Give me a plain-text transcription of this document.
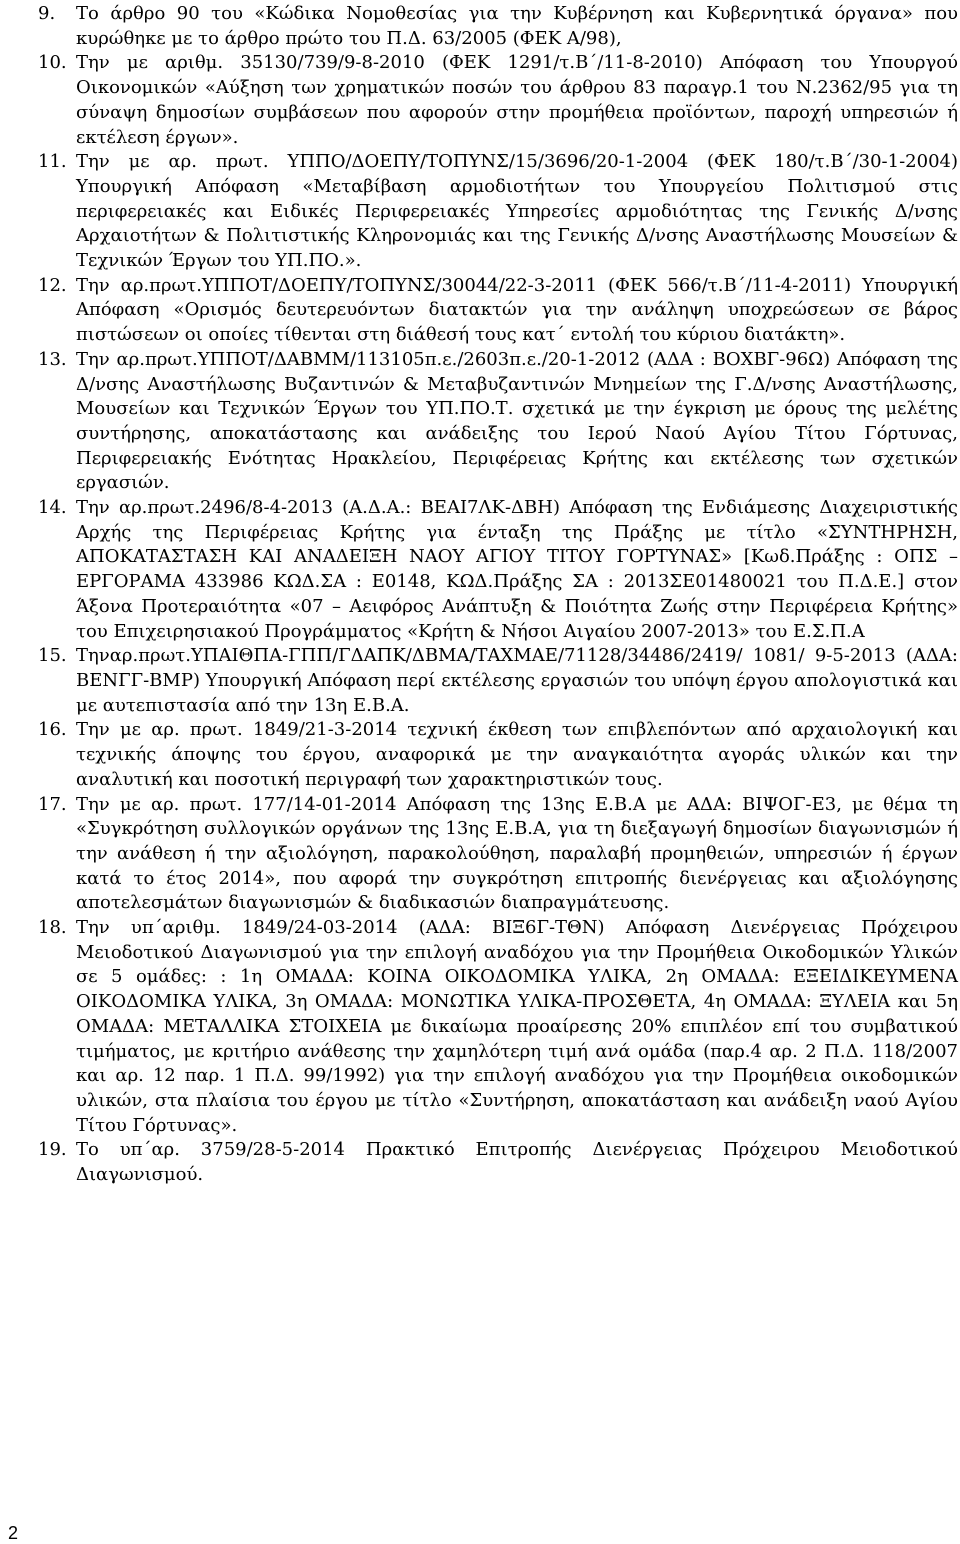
9.	Το άρθρο 90 του «Κώδικα Νομοθεσίας για την Κυβέρνηση και Κυβερνητικά όργανα» που κυρώθηκε με το άρθρο πρώτο του Π.Δ. 63/2005 (ΦΕΚ Α/98),
10. Την με αριθμ. 35130/739/9-8-2010 (ΦΕΚ 1291/τ.Β΄/11-8-2010) Απόφαση του Υπουργού Οικονομικών «Αύξηση των χρηματικών ποσών του άρθρου 83 παραγρ.1 του Ν.2362/95 για τη σύναψη δημοσίων συμβάσεων που αφορούν στην προμήθεια προϊόντων, παροχή υπηρεσιών ή εκτέλεση έργων».
11. Την με αρ. πρωτ. ΥΠΠΟ/ΔΟΕΠΥ/ΤΟΠΥΝΣ/15/3696/20-1-2004 (ΦΕΚ 180/τ.Β΄/30-1-2004) Υπουργική Απόφαση «Μεταβίβαση αρμοδιοτήτων του Υπουργείου Πολιτισμού στις περιφερειακές και Ειδικές Περιφερειακές Υπηρεσίες αρμοδιότητας της Γενικής Δ/νσης Αρχαιοτήτων & Πολιτιστικής Κληρονομιάς και της Γενικής Δ/νσης Αναστήλωσης Μουσείων & Τεχνικών Έργων του ΥΠ.ΠΟ.».
12. Την αρ.πρωτ.ΥΠΠΟΤ/ΔΟΕΠΥ/ΤΟΠΥΝΣ/30044/22-3-2011 (ΦΕΚ 566/τ.Β΄/11-4-2011) Υπουργική Απόφαση «Ορισμός δευτερευόντων διατακτών για την ανάληψη υποχρεώσεων σε βάρος πιστώσεων οι οποίες τίθενται στη διάθεσή τους κατ΄ εντολή του κύριου διατάκτη».
13. Την αρ.πρωτ.ΥΠΠΟΤ/ΔΑΒΜΜ/113105π.ε./2603π.ε./20-1-2012 (ΑΔΑ : ΒΟΧΒΓ-96Ω) Απόφαση της Δ/νσης Αναστήλωσης Βυζαντινών & Μεταβυζαντινών Μνημείων της Γ.Δ/νσης Αναστήλωσης, Μουσείων και Τεχνικών Έργων του ΥΠ.ΠΟ.Τ. σχετικά με την έγκριση με όρους της μελέτης συντήρησης, αποκατάστασης και ανάδειξης του Ιερού Ναού Αγίου Τίτου Γόρτυνας, Περιφερειακής Ενότητας Ηρακλείου, Περιφέρειας Κρήτης και εκτέλεσης των σχετικών εργασιών.
14. Την αρ.πρωτ.2496/8-4-2013 (Α.Δ.Α.: ΒΕΑΙ7ΛΚ-ΔΒΗ) Απόφαση της Ενδιάμεσης Διαχειριστικής Αρχής της Περιφέρειας Κρήτης για ένταξη της Πράξης με τίτλο «ΣΥΝΤΗΡΗΣΗ, ΑΠΟΚΑΤΑΣΤΑΣΗ ΚΑΙ ΑΝΑΔΕΙΞΗ ΝΑΟΥ ΑΓΙΟΥ ΤΙΤΟΥ ΓΟΡΤΥΝΑΣ» [Κωδ.Πράξης : ΟΠΣ – ΕΡΓΟΡΑΜΑ 433986 ΚΩΔ.ΣΑ : Ε0148, ΚΩΔ.Πράξης ΣΑ : 2013ΣΕ01480021 του Π.Δ.Ε.] στον Άξονα Προτεραιότητα «07 – Αειφόρος Ανάπτυξη & Ποιότητα Ζωής στην Περιφέρεια Κρήτης» του Επιχειρησιακού Προγράμματος «Κρήτη & Νήσοι Αιγαίου 2007-2013» του Ε.Σ.Π.Α
15. Τηναρ.πρωτ.ΥΠΑΙΘΠΑ-ΓΠΠ/ΓΔΑΠΚ/ΔΒΜΑ/ΤΑΧΜΑΕ/71128/34486/2419/ 1081/ 9-5-2013 (ΑΔΑ: ΒΕΝΓΓ-ΒΜΡ) Υπουργική Απόφαση περί εκτέλεσης εργασιών του υπόψη έργου απολογιστικά και με αυτεπιστασία από την 13η Ε.Β.Α.
16. Την με αρ. πρωτ. 1849/21-3-2014 τεχνική έκθεση των επιβλεπόντων από αρχαιολογική και τεχνικής άποψης του έργου, αναφορικά με την αναγκαιότητα αγοράς υλικών και την αναλυτική και ποσοτική περιγραφή των χαρακτηριστικών τους.
17. Την με αρ. πρωτ. 177/14-01-2014 Απόφαση της 13ης Ε.Β.Α με ΑΔΑ: ΒΙΨΟΓ-Ε3, με θέμα τη «Συγκρότηση συλλογικών οργάνων της 13ης Ε.Β.Α, για τη διεξαγωγή δημοσίων διαγωνισμών ή την ανάθεση ή την αξιολόγηση, παρακολούθηση, παραλαβή προμηθειών, υπηρεσιών ή έργων κατά το έτος 2014», που αφορά την συγκρότηση επιτροπής διενέργειας και αξιολόγησης αποτελεσμάτων διαγωνισμών & διαδικασιών διαπραγμάτευσης.
18. Την υπ΄αριθμ. 1849/24-03-2014 (ΑΔΑ: ΒΙΞ6Γ-ΤΘΝ) Απόφαση Διενέργειας Πρόχειρου Μειοδοτικού Διαγωνισμού για την επιλογή αναδόχου για την Προμήθεια Οικοδομικών Υλικών σε 5 ομάδες: : 1η ΟΜΑΔΑ: ΚΟΙΝΑ ΟΙΚΟΔΟΜΙΚΑ ΥΛΙΚΑ, 2η ΟΜΑΔΑ: ΕΞΕΙΔΙΚΕΥΜΕΝΑ ΟΙΚΟΔΟΜΙΚΑ ΥΛΙΚΑ, 3η ΟΜΑΔΑ: ΜΟΝΩΤΙΚΑ ΥΛΙΚΑ-ΠΡΟΣΘΕΤΑ, 4η ΟΜΑΔΑ: ΞΥΛΕΙΑ και 5η ΟΜΑΔΑ: ΜΕΤΑΛΛΙΚΑ ΣΤΟΙΧΕΙΑ με δικαίωμα προαίρεσης 20% επιπλέον επί του συμβατικού τιμήματος, με κριτήριο ανάθεσης την χαμηλότερη τιμή ανά ομάδα (παρ.4 αρ. 2 Π.Δ. 118/2007 και αρ. 12 παρ. 1 Π.Δ. 99/1992) για την επιλογή αναδόχου για την Προμήθεια οικοδομικών υλικών, στα πλαίσια του έργου με τίτλο «Συντήρηση, αποκατάσταση και ανάδειξη ναού Αγίου Τίτου Γόρτυνας».
19. Το υπ΄αρ. 3759/28-5-2014 Πρακτικό Επιτροπής Διενέργειας Πρόχειρου Μειοδοτικού Διαγωνισμού.
2
